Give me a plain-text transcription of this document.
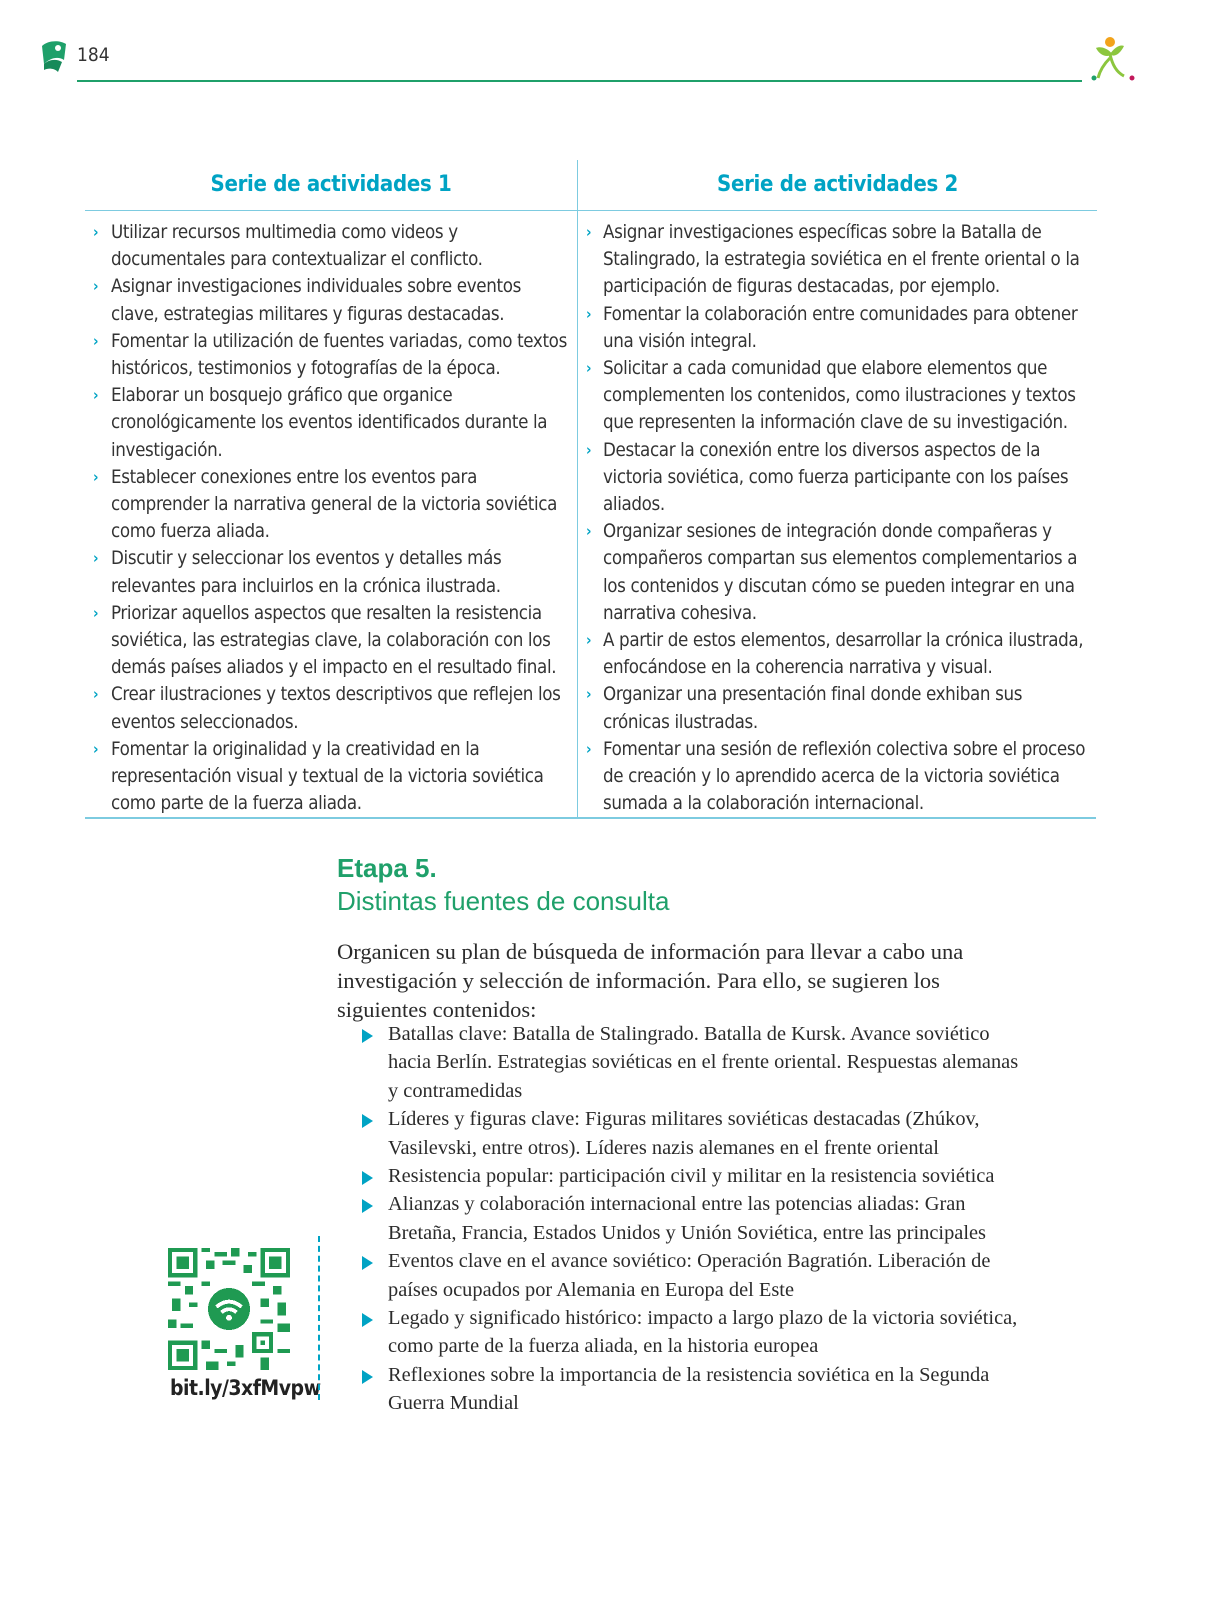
184
Serie de actividades 1
› Utilizar recursos multimedia como videos y documentales para contextualizar el conflicto.
› Asignar investigaciones individuales sobre eventos clave, estrategias militares y figuras destacadas.
› Fomentar la utilización de fuentes variadas, como textos históricos, testimonios y fotografías de la época.
› Elaborar un bosquejo gráfico que organice cronológicamente los eventos identificados durante la investigación.
› Establecer conexiones entre los eventos para comprender la narrativa general de la victoria soviética como fuerza aliada.
› Discutir y seleccionar los eventos y detalles más relevantes para incluirlos en la crónica ilustrada.
› Priorizar aquellos aspectos que resalten la resistencia soviética, las estrategias clave, la colaboración con los demás países aliados y el impacto en el resultado final.
› Crear ilustraciones y textos descriptivos que reflejen los eventos seleccionados.
› Fomentar la originalidad y la creatividad en la representación visual y textual de la victoria soviética como parte de la fuerza aliada.
Serie de actividades 2
› Asignar investigaciones específicas sobre la Batalla de Stalingrado, la estrategia soviética en el frente oriental o la participación de figuras destacadas, por ejemplo.
› Fomentar la colaboración entre comunidades para obtener una visión integral.
› Solicitar a cada comunidad que elabore elementos que complementen los contenidos, como ilustraciones y textos que representen la información clave de su investigación.
› Destacar la conexión entre los diversos aspectos de la victoria soviética, como fuerza participante con los países aliados.
› Organizar sesiones de integración donde compañeras y compañeros compartan sus elementos complementarios a los contenidos y discutan cómo se pueden integrar en una narrativa cohesiva.
› A partir de estos elementos, desarrollar la crónica ilustrada, enfocándose en la coherencia narrativa y visual.
› Organizar una presentación final donde exhiban sus crónicas ilustradas.
› Fomentar una sesión de reflexión colectiva sobre el proceso de creación y lo aprendido acerca de la victoria soviética sumada a la colaboración internacional.
Etapa 5.
Distintas fuentes de consulta
Organicen su plan de búsqueda de información para llevar a cabo una investigación y selección de información. Para ello, se sugieren los siguientes contenidos:
Batallas clave: Batalla de Stalingrado. Batalla de Kursk. Avance soviético hacia Berlín. Estrategias soviéticas en el frente oriental. Respuestas alemanas y contramedidas
Líderes y figuras clave: Figuras militares soviéticas destacadas (Zhúkov, Vasilevski, entre otros). Líderes nazis alemanes en el frente oriental
Resistencia popular: participación civil y militar en la resistencia soviética
Alianzas y colaboración internacional entre las potencias aliadas: Gran Bretaña, Francia, Estados Unidos y Unión Soviética, entre las principales
Eventos clave en el avance soviético: Operación Bagratión. Liberación de países ocupados por Alemania en Europa del Este
Legado y significado histórico: impacto a largo plazo de la victoria soviética, como parte de la fuerza aliada, en la historia europea
Reflexiones sobre la importancia de la resistencia soviética en la Segunda Guerra Mundial
bit.ly/3xfMvpw
